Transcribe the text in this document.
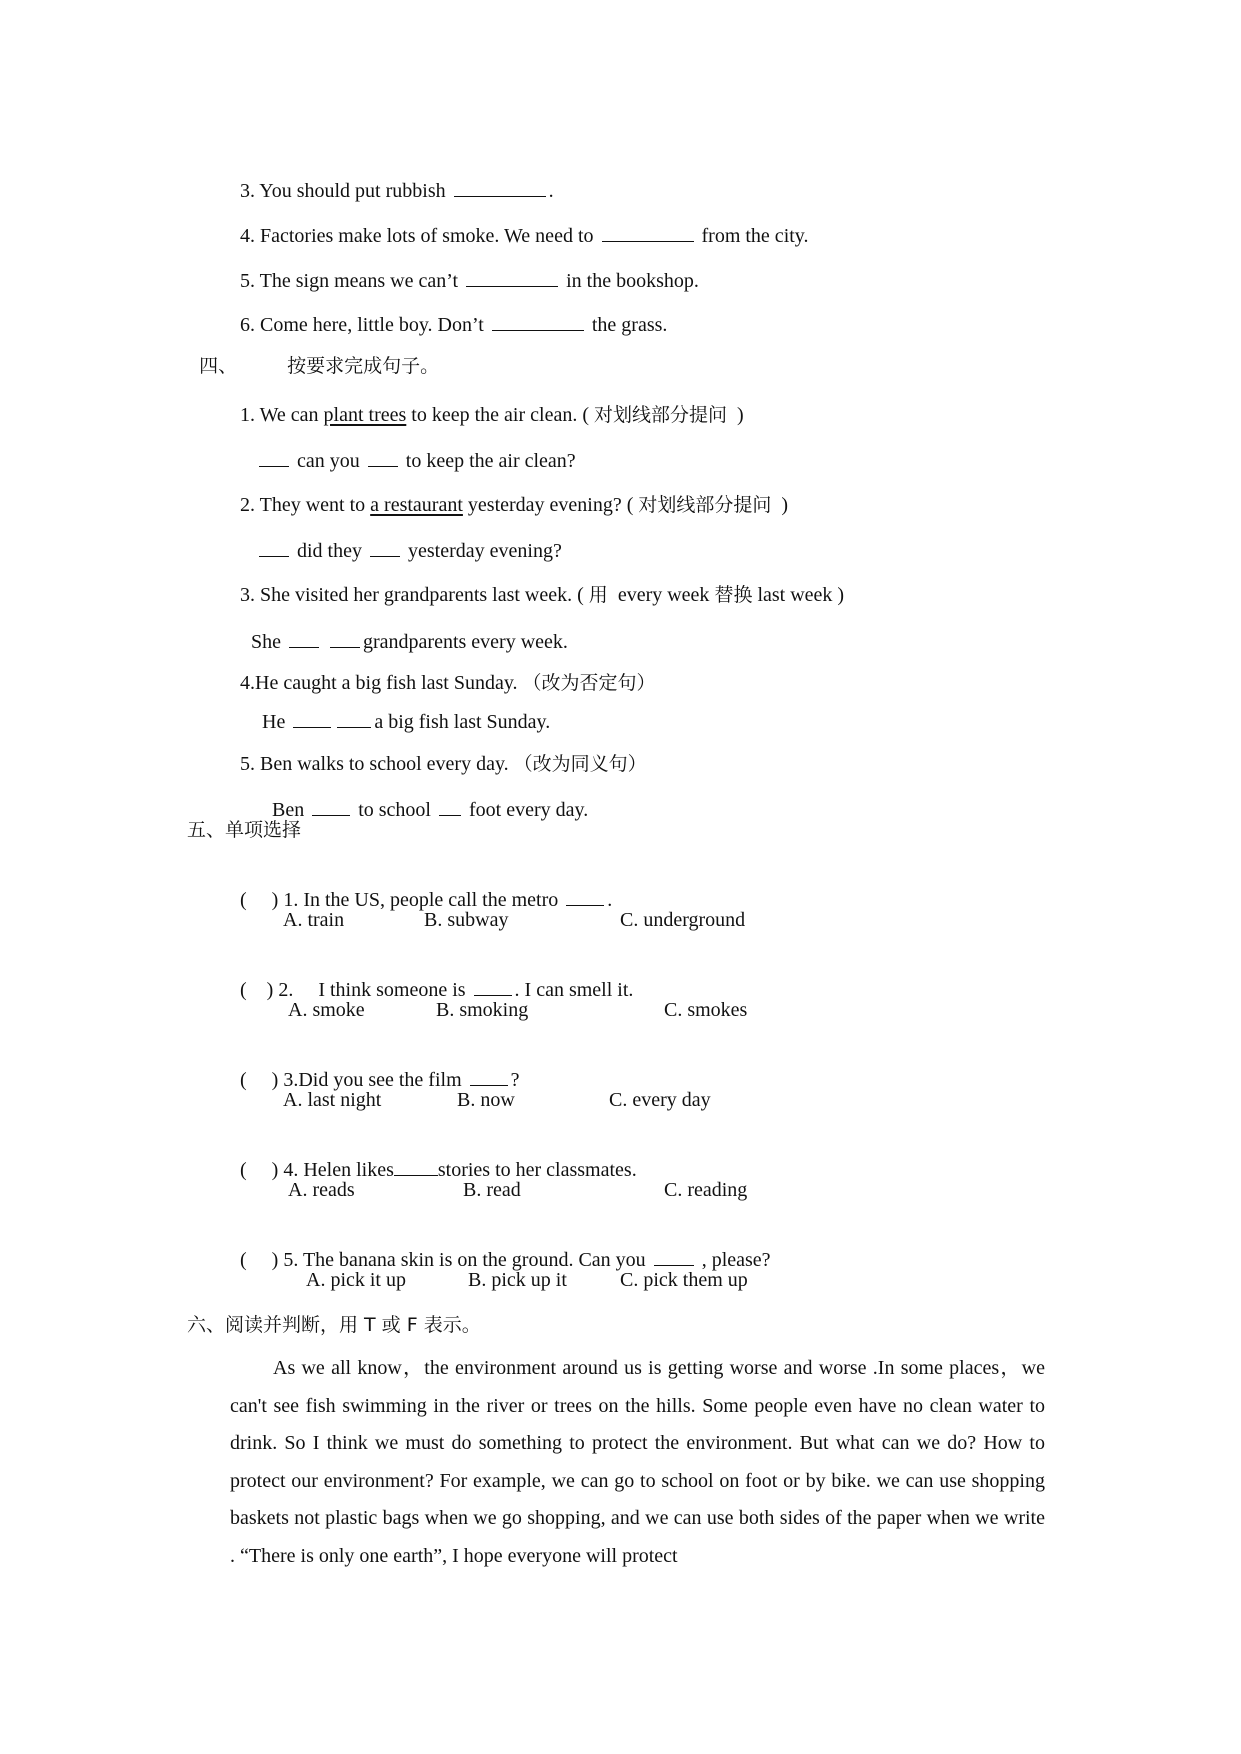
3. You should put rubbish	.

4. Factories make lots of smoke. We need to	from the city.

5. The sign means we can’t	in the bookshop.

6. Come here, little boy. Don’t	the grass.

四、	按要求完成句子。

1. We can plant trees to keep the air clean. ( 对划线部分提问  )

can you  to keep the air clean?

2. They went to a restaurant yesterday evening? ( 对划线部分提问  )

did they  yesterday evening?

3. She visited her grandparents last week. ( 用  every week 替换 last week )

She	grandparents every week.

4.He caught a big fish last Sunday. （改为否定句）

He	a big fish last Sunday.

5. Ben walks to school every day. （改为同义句）

Ben  to school  foot every day.

五、单项选择

(     ) 1. In the US, people call the metro .

A. train	B. subway	C. underground

(    ) 2.     I think someone is . I can smell it.

A. smoke	B. smoking	C. smokes

(     ) 3.Did you see the film ?

A. last night	B. now	C. every day

(     ) 4. Helen likes stories to her classmates.

A. reads	B. read	C. reading

(     ) 5. The banana skin is on the ground. Can you  , please?

A. pick it up	B. pick up it	C. pick them up
六、阅读并判断，用 T 或 F 表示。
As we all know，the environment around us is getting worse and worse .In some places，we can't see fish swimming in the river or trees on the hills. Some people even have no clean water to drink. So I think we must do something to protect the environment. But what can we do? How to protect our environment? For example, we can go to school on foot or by bike. we can use shopping baskets not plastic bags when we go shopping, and we can use both sides of the paper when we write . “There is only one earth”, I hope everyone will protect
